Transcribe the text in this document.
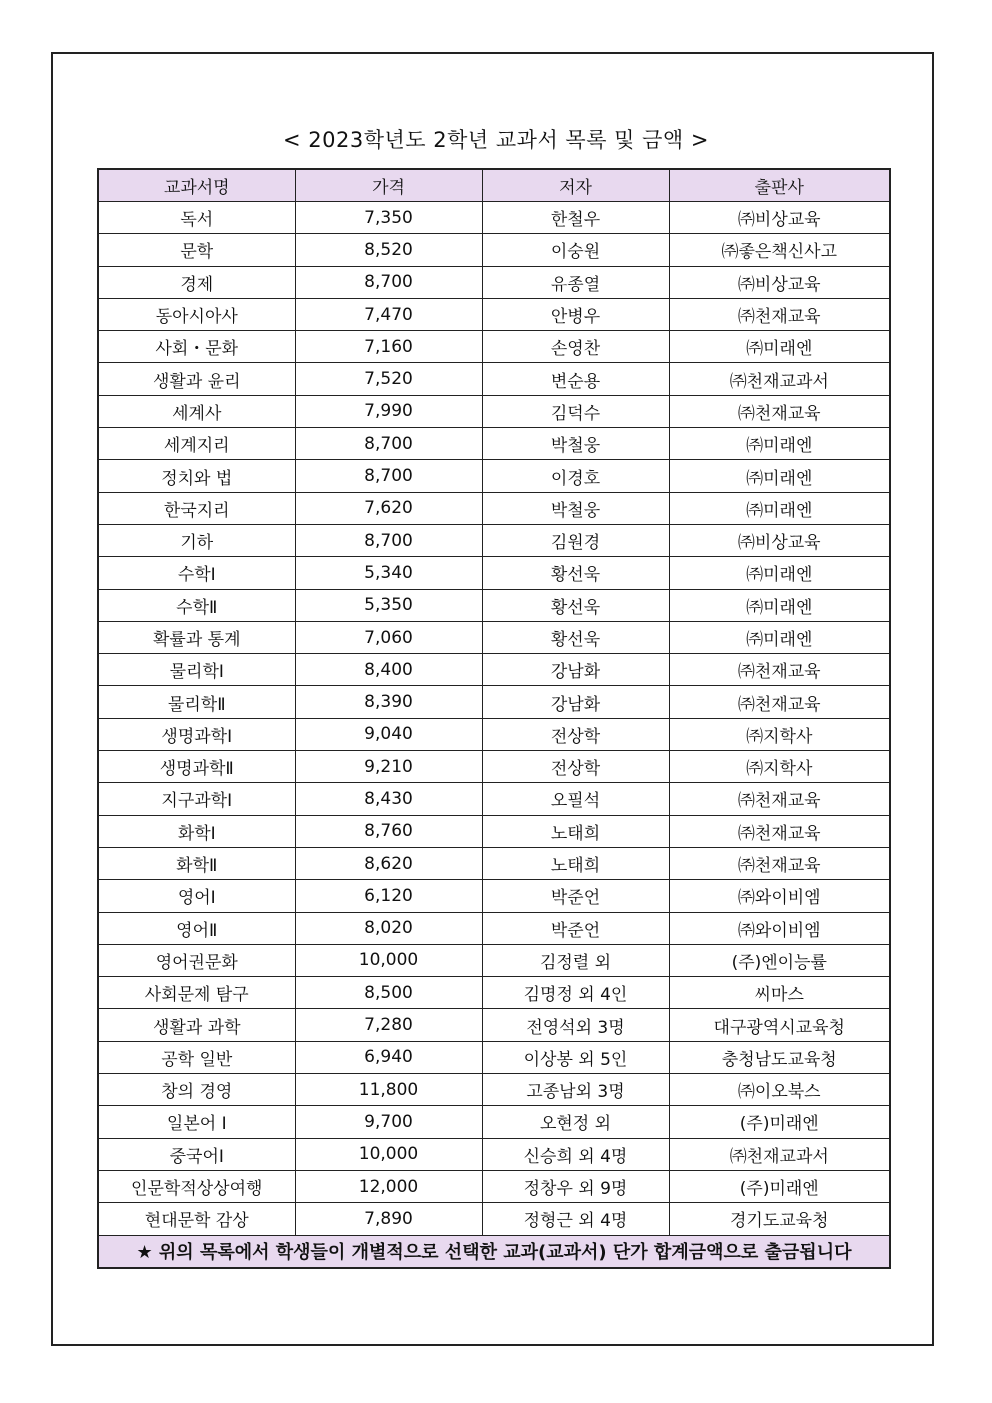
< 2023학년도 2학년 교과서 목록 및 금액 >
교과서명	가격	저자	출판사
독서	7,350	한철우	㈜비상교육
문학	8,520	이숭원	㈜좋은책신사고
경제	8,700	유종열	㈜비상교육
동아시아사	7,470	안병우	㈜천재교육
사회・문화	7,160	손영찬	㈜미래엔
생활과 윤리	7,520	변순용	㈜천재교과서
세계사	7,990	김덕수	㈜천재교육
세계지리	8,700	박철웅	㈜미래엔
정치와 법	8,700	이경호	㈜미래엔
한국지리	7,620	박철웅	㈜미래엔
기하	8,700	김원경	㈜비상교육
수학Ⅰ	5,340	황선욱	㈜미래엔
수학Ⅱ	5,350	황선욱	㈜미래엔
확률과 통계	7,060	황선욱	㈜미래엔
물리학Ⅰ	8,400	강남화	㈜천재교육
물리학Ⅱ	8,390	강남화	㈜천재교육
생명과학Ⅰ	9,040	전상학	㈜지학사
생명과학Ⅱ	9,210	전상학	㈜지학사
지구과학Ⅰ	8,430	오필석	㈜천재교육
화학Ⅰ	8,760	노태희	㈜천재교육
화학Ⅱ	8,620	노태희	㈜천재교육
영어Ⅰ	6,120	박준언	㈜와이비엠
영어Ⅱ	8,020	박준언	㈜와이비엠
영어권문화	10,000	김정렬 외	(주)엔이능률
사회문제 탐구	8,500	김명정 외 4인	씨마스
생활과 과학	7,280	전영석외 3명	대구광역시교육청
공학 일반	6,940	이상봉 외 5인	충청남도교육청
창의 경영	11,800	고종남외 3명	㈜이오북스
일본어 Ⅰ	9,700	오현정 외	(주)미래엔
중국어Ⅰ	10,000	신승희 외 4명	㈜천재교과서
인문학적상상여행	12,000	정창우 외 9명	(주)미래엔
현대문학 감상	7,890	정형근 외 4명	경기도교육청
★ 위의 목록에서 학생들이 개별적으로 선택한 교과(교과서) 단가 합계금액으로 출금됩니다			
